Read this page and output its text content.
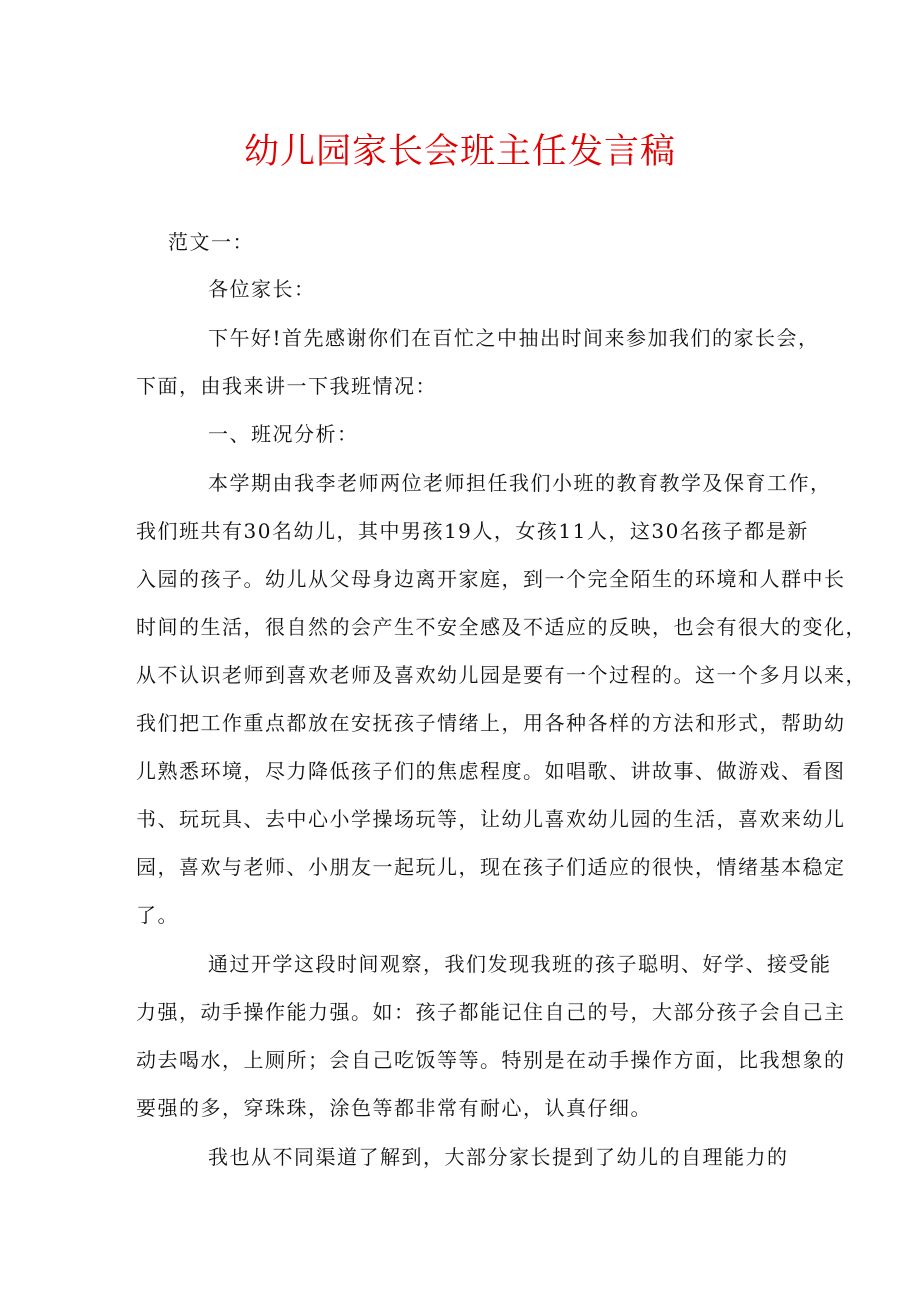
幼儿园家长会班主任发言稿

范文一：

各位家长：

下午好!首先感谢你们在百忙之中抽出时间来参加我们的家长会，

下面，由我来讲一下我班情况：

一、班况分析：

本学期由我李老师两位老师担任我们小班的教育教学及保育工作，

我们班共有30名幼儿，其中男孩19人，女孩11人，这30名孩子都是新

入园的孩子。幼儿从父母身边离开家庭，到一个完全陌生的环境和人群中长

时间的生活，很自然的会产生不安全感及不适应的反映，也会有很大的变化，

从不认识老师到喜欢老师及喜欢幼儿园是要有一个过程的。这一个多月以来，

我们把工作重点都放在安抚孩子情绪上，用各种各样的方法和形式，帮助幼

儿熟悉环境，尽力降低孩子们的焦虑程度。如唱歌、讲故事、做游戏、看图

书、玩玩具、去中心小学操场玩等，让幼儿喜欢幼儿园的生活，喜欢来幼儿

园，喜欢与老师、小朋友一起玩儿，现在孩子们适应的很快，情绪基本稳定

了。

通过开学这段时间观察，我们发现我班的孩子聪明、好学、接受能

力强，动手操作能力强。如：孩子都能记住自己的号，大部分孩子会自己主

动去喝水，上厕所；会自己吃饭等等。特别是在动手操作方面，比我想象的

要强的多，穿珠珠，涂色等都非常有耐心，认真仔细。

我也从不同渠道了解到，大部分家长提到了幼儿的自理能力的
